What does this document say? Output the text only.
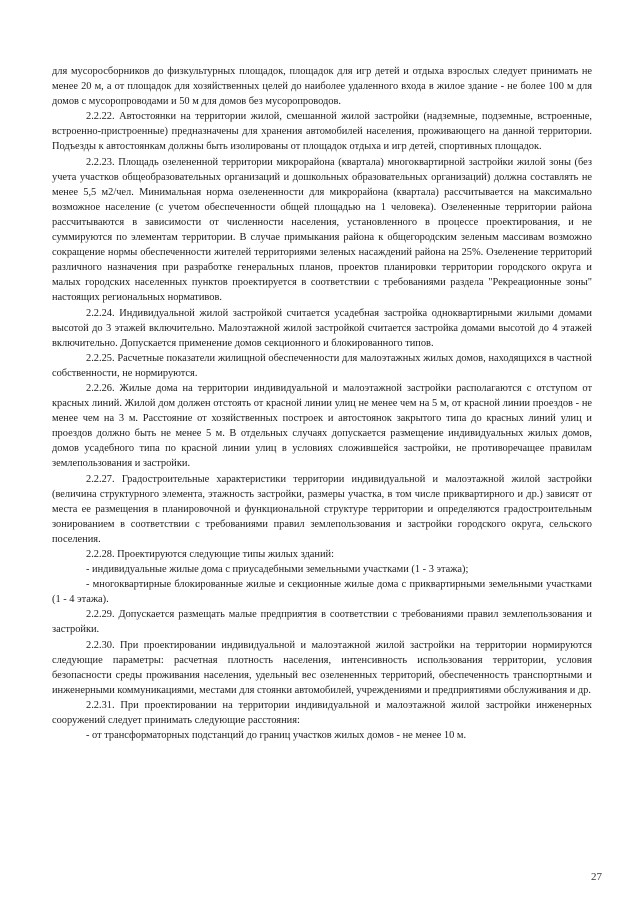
для мусоросборников до физкультурных площадок, площадок для игр детей и отдыха взрослых следует принимать не менее 20 м, а от площадок для хозяйственных целей до наиболее удаленного входа в жилое здание - не более 100 м для домов с мусоропроводами и 50 м для домов без мусоропроводов.

2.2.22. Автостоянки на территории жилой, смешанной жилой застройки (надземные, подземные, встроенные, встроенно-пристроенные) предназначены для хранения автомобилей населения, проживающего на данной территории. Подъезды к автостоянкам должны быть изолированы от площадок отдыха и игр детей, спортивных площадок.

2.2.23. Площадь озелененной территории микрорайона (квартала) многоквартирной застройки жилой зоны (без учета участков общеобразовательных организаций и дошкольных образовательных организаций) должна составлять не менее 5,5 м2/чел. Минимальная норма озелененности для микрорайона (квартала) рассчитывается на максимально возможное население (с учетом обеспеченности общей площадью на 1 человека). Озелененные территории района рассчитываются в зависимости от численности населения, установленного в процессе проектирования, и не суммируются по элементам территории. В случае примыкания района к общегородским зеленым массивам возможно сокращение нормы обеспеченности жителей территориями зеленых насаждений района на 25%. Озеленение территорий различного назначения при разработке генеральных планов, проектов планировки территории городского округа и малых городских населенных пунктов проектируется в соответствии с требованиями раздела "Рекреационные зоны" настоящих региональных нормативов.

2.2.24. Индивидуальной жилой застройкой считается усадебная застройка одноквартирными жилыми домами высотой до 3 этажей включительно. Малоэтажной жилой застройкой считается застройка домами высотой до 4 этажей включительно. Допускается применение домов секционного и блокированного типов.

2.2.25. Расчетные показатели жилищной обеспеченности для малоэтажных жилых домов, находящихся в частной собственности, не нормируются.

2.2.26. Жилые дома на территории индивидуальной и малоэтажной застройки располагаются с отступом от красных линий. Жилой дом должен отстоять от красной линии улиц не менее чем на 5 м, от красной линии проездов - не менее чем на 3 м. Расстояние от хозяйственных построек и автостоянок закрытого типа до красных линий улиц и проездов должно быть не менее 5 м. В отдельных случаях допускается размещение индивидуальных жилых домов, домов усадебного типа по красной линии улиц в условиях сложившейся застройки, не противоречащее правилам землепользования и застройки.

2.2.27. Градостроительные характеристики территории индивидуальной и малоэтажной жилой застройки (величина структурного элемента, этажность застройки, размеры участка, в том числе приквартирного и др.) зависят от места ее размещения в планировочной и функциональной структуре территории и определяются градостроительным зонированием в соответствии с требованиями правил землепользования и застройки городского округа, сельского поселения.

2.2.28. Проектируются следующие типы жилых зданий:

- индивидуальные жилые дома с приусадебными земельными участками (1 - 3 этажа);

- многоквартирные блокированные жилые и секционные жилые дома с приквартирными земельными участками (1 - 4 этажа).

2.2.29. Допускается размещать малые предприятия в соответствии с требованиями правил землепользования и застройки.

2.2.30. При проектировании индивидуальной и малоэтажной жилой застройки на территории нормируются следующие параметры: расчетная плотность населения, интенсивность использования территории, условия безопасности среды проживания населения, удельный вес озелененных территорий, обеспеченность транспортными и инженерными коммуникациями, местами для стоянки автомобилей, учреждениями и предприятиями обслуживания и др.

2.2.31. При проектировании на территории индивидуальной и малоэтажной жилой застройки инженерных сооружений следует принимать следующие расстояния:

- от трансформаторных подстанций до границ участков жилых домов - не менее 10 м.

27
